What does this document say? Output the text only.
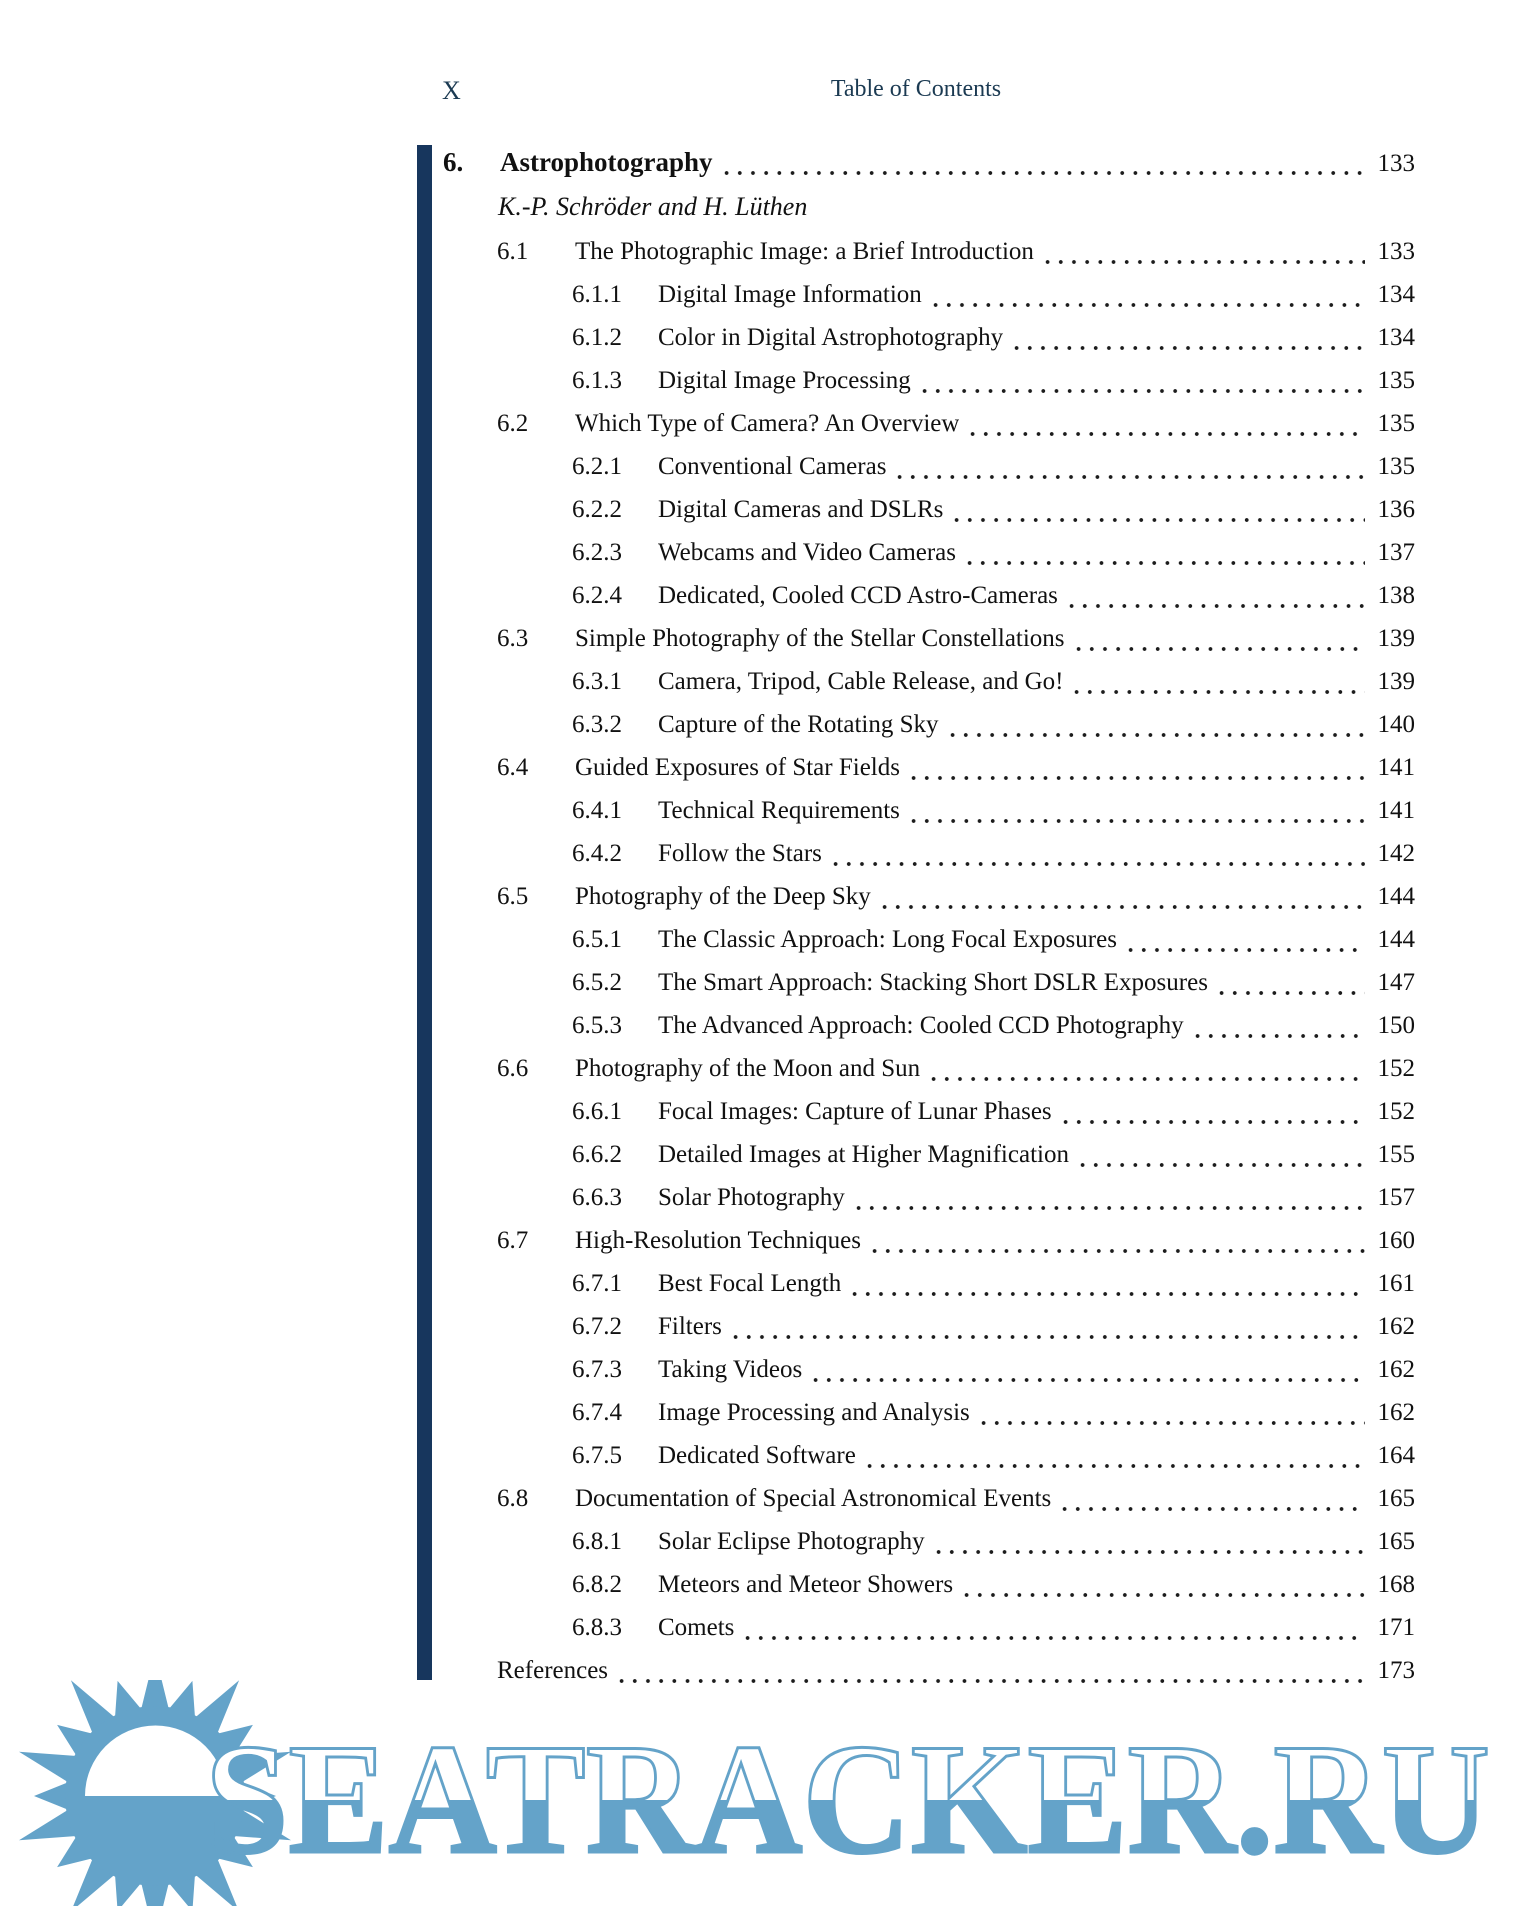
X	Table of Contents
6.	Astrophotography	133
K.-P. Schröder and H. Lüthen
6.1	The Photographic Image: a Brief Introduction	133
6.1.1	Digital Image Information	134
6.1.2	Color in Digital Astrophotography	134
6.1.3	Digital Image Processing	135
6.2	Which Type of Camera? An Overview	135
6.2.1	Conventional Cameras	135
6.2.2	Digital Cameras and DSLRs	136
6.2.3	Webcams and Video Cameras	137
6.2.4	Dedicated, Cooled CCD Astro-Cameras	138
6.3	Simple Photography of the Stellar Constellations	139
6.3.1	Camera, Tripod, Cable Release, and Go!	139
6.3.2	Capture of the Rotating Sky	140
6.4	Guided Exposures of Star Fields	141
6.4.1	Technical Requirements	141
6.4.2	Follow the Stars	142
6.5	Photography of the Deep Sky	144
6.5.1	The Classic Approach: Long Focal Exposures	144
6.5.2	The Smart Approach: Stacking Short DSLR Exposures	147
6.5.3	The Advanced Approach: Cooled CCD Photography	150
6.6	Photography of the Moon and Sun	152
6.6.1	Focal Images: Capture of Lunar Phases	152
6.6.2	Detailed Images at Higher Magnification	155
6.6.3	Solar Photography	157
6.7	High-Resolution Techniques	160
6.7.1	Best Focal Length	161
6.7.2	Filters	162
6.7.3	Taking Videos	162
6.7.4	Image Processing and Analysis	162
6.7.5	Dedicated Software	164
6.8	Documentation of Special Astronomical Events	165
6.8.1	Solar Eclipse Photography	165
6.8.2	Meteors and Meteor Showers	168
6.8.3	Comets	171
References	173
SEATRACKER.RU
